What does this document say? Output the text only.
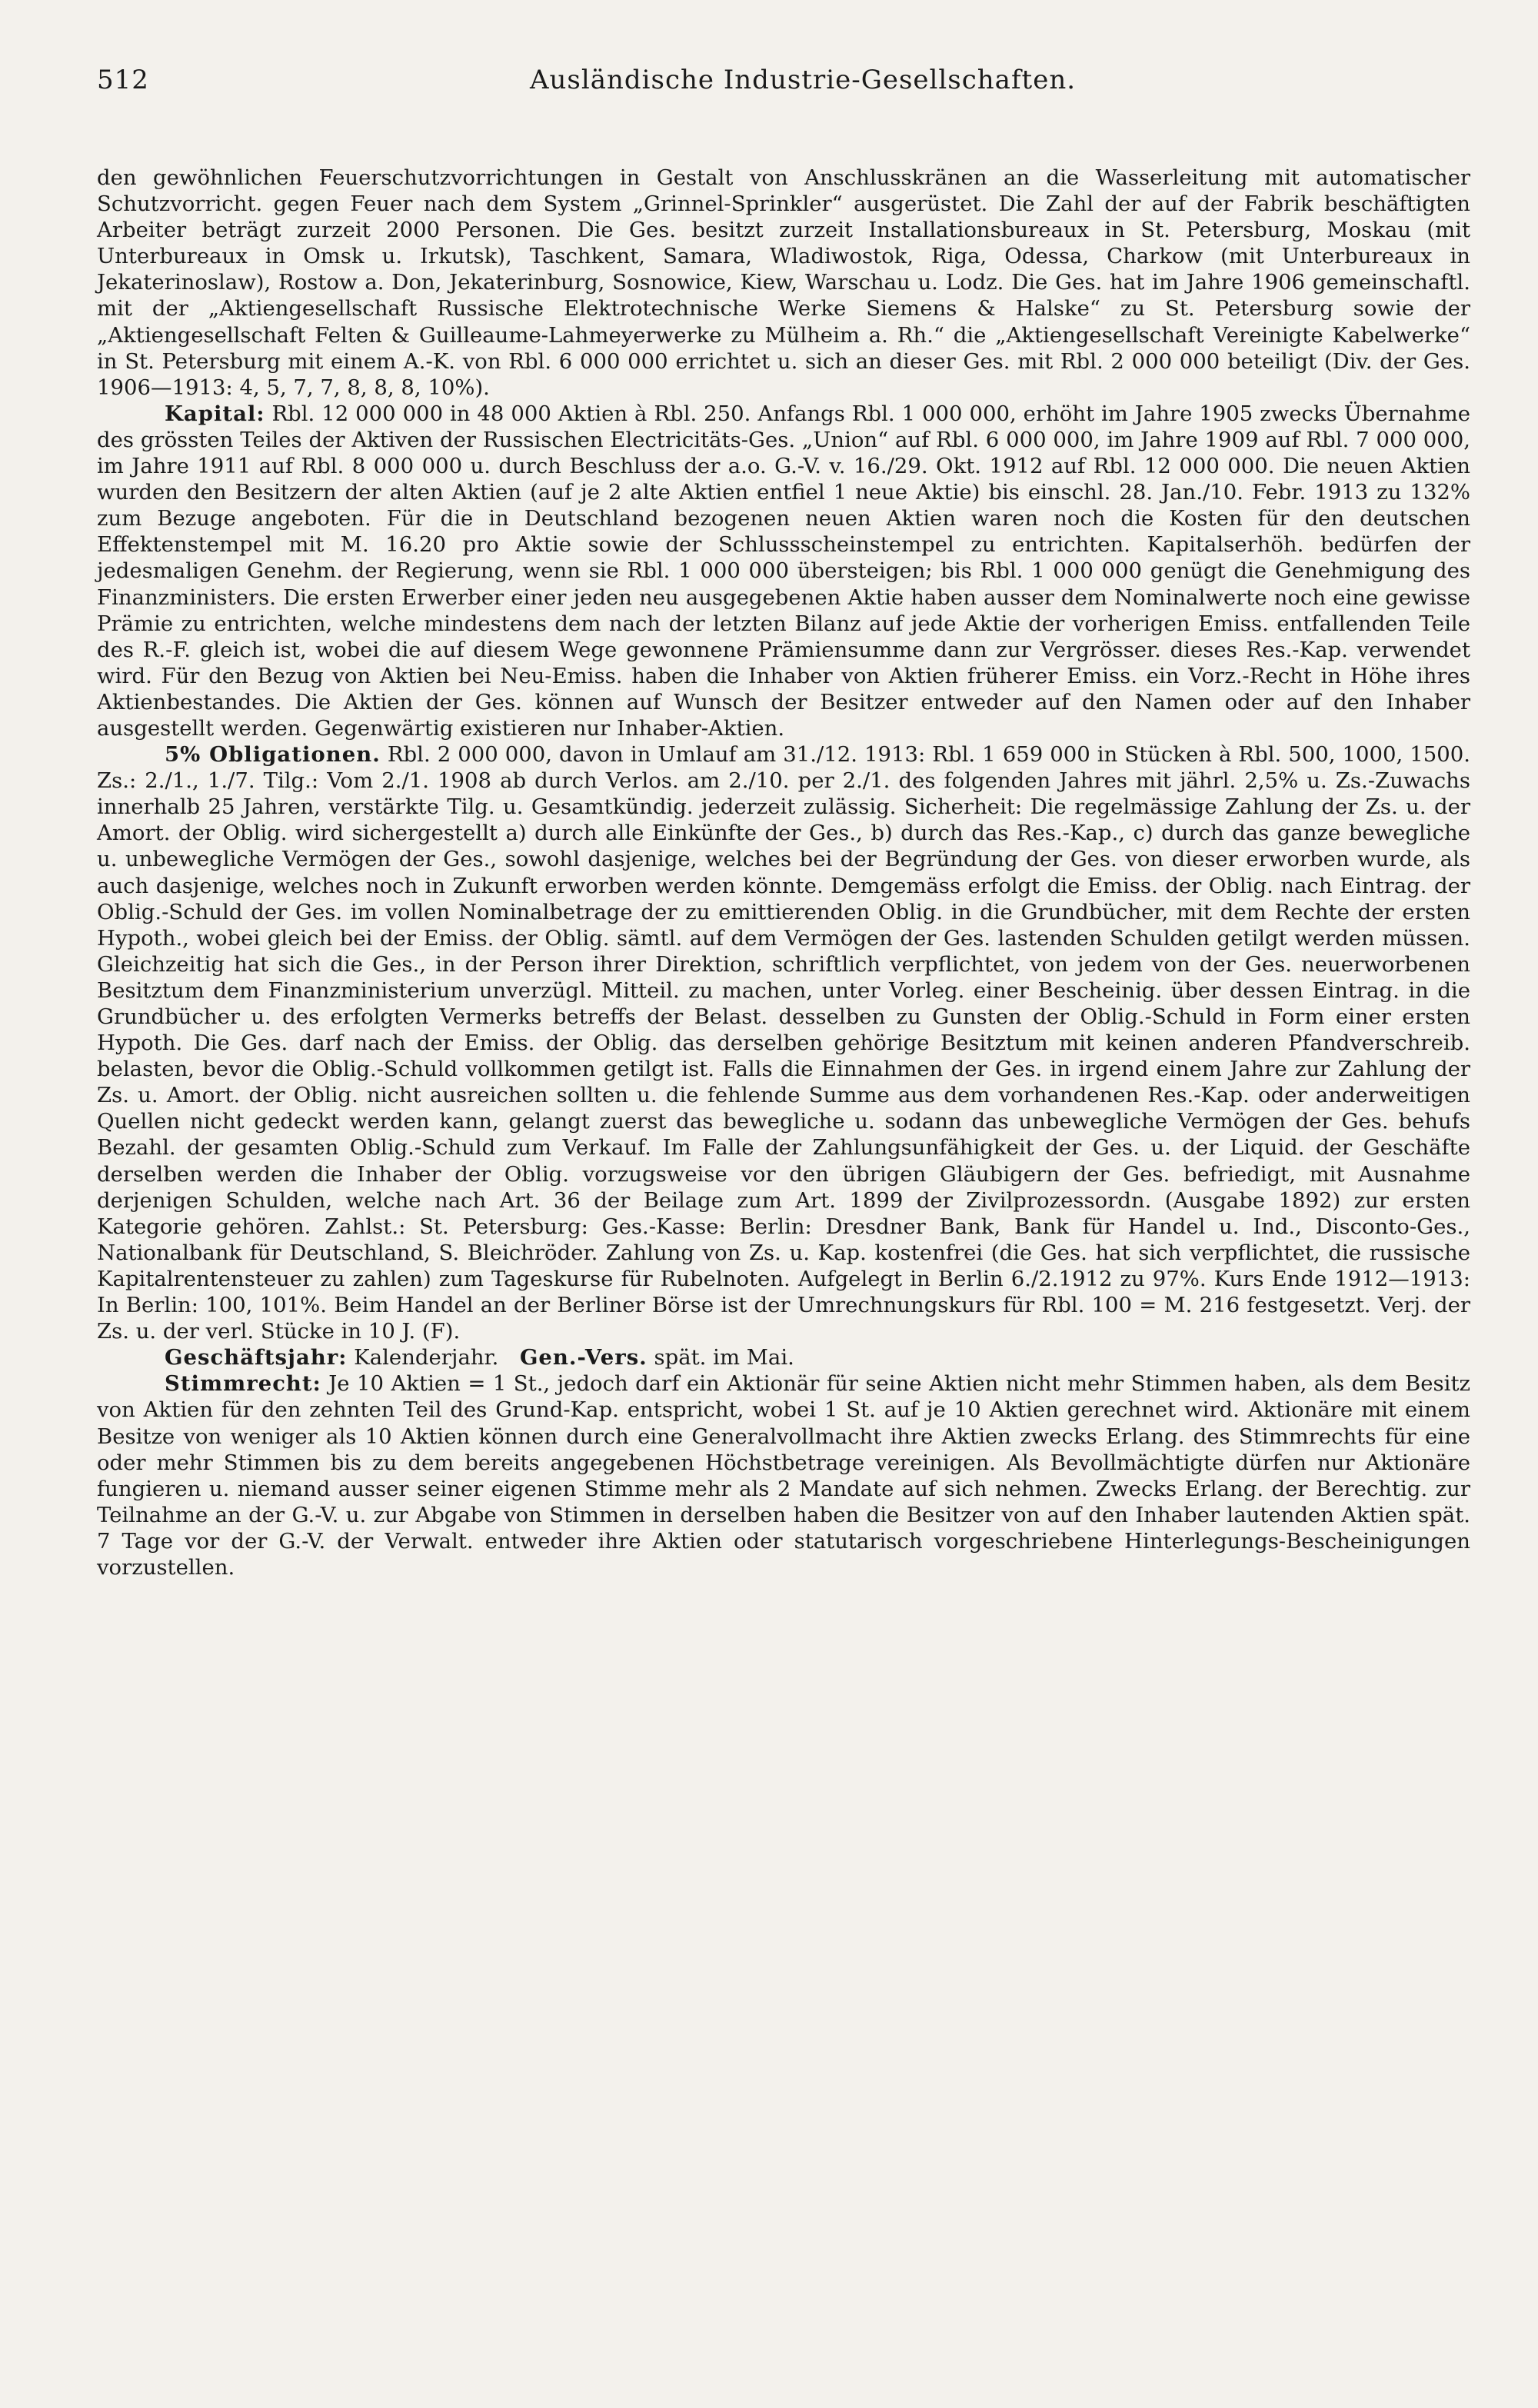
512	Ausländische Industrie-Gesellschaften.

den gewöhnlichen Feuerschutzvorrichtungen in Gestalt von Anschlusskränen an die Wasserleitung mit automatischer Schutzvorricht. gegen Feuer nach dem System „Grinnel-Sprinkler“ ausgerüstet. Die Zahl der auf der Fabrik beschäftigten Arbeiter beträgt zurzeit 2000 Personen. Die Ges. besitzt zurzeit Installationsbureaux in St. Petersburg, Moskau (mit Unterbureaux in Omsk u. Irkutsk), Taschkent, Samara, Wladiwostok, Riga, Odessa, Charkow (mit Unterbureaux in Jekaterinoslaw), Rostow a. Don, Jekaterinburg, Sosnowice, Kiew, Warschau u. Lodz. Die Ges. hat im Jahre 1906 gemeinschaftl. mit der „Aktiengesellschaft Russische Elektrotechnische Werke Siemens & Halske“ zu St. Petersburg sowie der „Aktiengesellschaft Felten & Guilleaume-Lahmeyerwerke zu Mülheim a. Rh.“ die „Aktiengesellschaft Vereinigte Kabelwerke“ in St. Petersburg mit einem A.-K. von Rbl. 6 000 000 errichtet u. sich an dieser Ges. mit Rbl. 2 000 000 beteiligt (Div. der Ges. 1906—1913: 4, 5, 7, 7, 8, 8, 8, 10%).

Kapital: Rbl. 12 000 000 in 48 000 Aktien à Rbl. 250. Anfangs Rbl. 1 000 000, erhöht im Jahre 1905 zwecks Übernahme des grössten Teiles der Aktiven der Russischen Electricitäts-Ges. „Union“ auf Rbl. 6 000 000, im Jahre 1909 auf Rbl. 7 000 000, im Jahre 1911 auf Rbl. 8 000 000 u. durch Beschluss der a.o. G.-V. v. 16./29. Okt. 1912 auf Rbl. 12 000 000. Die neuen Aktien wurden den Besitzern der alten Aktien (auf je 2 alte Aktien entfiel 1 neue Aktie) bis einschl. 28. Jan./10. Febr. 1913 zu 132% zum Bezuge angeboten. Für die in Deutschland bezogenen neuen Aktien waren noch die Kosten für den deutschen Effektenstempel mit M. 16.20 pro Aktie sowie der Schlussscheinstempel zu entrichten. Kapitalserhöh. bedürfen der jedesmaligen Genehm. der Regierung, wenn sie Rbl. 1 000 000 übersteigen; bis Rbl. 1 000 000 genügt die Genehmigung des Finanzministers. Die ersten Erwerber einer jeden neu ausgegebenen Aktie haben ausser dem Nominalwerte noch eine gewisse Prämie zu entrichten, welche mindestens dem nach der letzten Bilanz auf jede Aktie der vorherigen Emiss. entfallenden Teile des R.-F. gleich ist, wobei die auf diesem Wege gewonnene Prämiensumme dann zur Vergrösser. dieses Res.-Kap. verwendet wird. Für den Bezug von Aktien bei Neu-Emiss. haben die Inhaber von Aktien früherer Emiss. ein Vorz.-Recht in Höhe ihres Aktienbestandes. Die Aktien der Ges. können auf Wunsch der Besitzer entweder auf den Namen oder auf den Inhaber ausgestellt werden. Gegenwärtig existieren nur Inhaber-Aktien.

5% Obligationen. Rbl. 2 000 000, davon in Umlauf am 31./12. 1913: Rbl. 1 659 000 in Stücken à Rbl. 500, 1000, 1500. Zs.: 2./1., 1./7. Tilg.: Vom 2./1. 1908 ab durch Verlos. am 2./10. per 2./1. des folgenden Jahres mit jährl. 2,5% u. Zs.-Zuwachs innerhalb 25 Jahren, verstärkte Tilg. u. Gesamtkündig. jederzeit zulässig. Sicherheit: Die regelmässige Zahlung der Zs. u. der Amort. der Oblig. wird sichergestellt a) durch alle Einkünfte der Ges., b) durch das Res.-Kap., c) durch das ganze bewegliche u. unbewegliche Vermögen der Ges., sowohl dasjenige, welches bei der Begründung der Ges. von dieser erworben wurde, als auch dasjenige, welches noch in Zukunft erworben werden könnte. Demgemäss erfolgt die Emiss. der Oblig. nach Eintrag. der Oblig.-Schuld der Ges. im vollen Nominalbetrage der zu emittierenden Oblig. in die Grundbücher, mit dem Rechte der ersten Hypoth., wobei gleich bei der Emiss. der Oblig. sämtl. auf dem Vermögen der Ges. lastenden Schulden getilgt werden müssen. Gleichzeitig hat sich die Ges., in der Person ihrer Direktion, schriftlich verpflichtet, von jedem von der Ges. neuerworbenen Besitztum dem Finanzministerium unverzügl. Mitteil. zu machen, unter Vorleg. einer Bescheinig. über dessen Eintrag. in die Grundbücher u. des erfolgten Vermerks betreffs der Belast. desselben zu Gunsten der Oblig.-Schuld in Form einer ersten Hypoth. Die Ges. darf nach der Emiss. der Oblig. das derselben gehörige Besitztum mit keinen anderen Pfandverschreib. belasten, bevor die Oblig.-Schuld vollkommen getilgt ist. Falls die Einnahmen der Ges. in irgend einem Jahre zur Zahlung der Zs. u. Amort. der Oblig. nicht ausreichen sollten u. die fehlende Summe aus dem vorhandenen Res.-Kap. oder anderweitigen Quellen nicht gedeckt werden kann, gelangt zuerst das bewegliche u. sodann das unbewegliche Vermögen der Ges. behufs Bezahl. der gesamten Oblig.-Schuld zum Verkauf. Im Falle der Zahlungsunfähigkeit der Ges. u. der Liquid. der Geschäfte derselben werden die Inhaber der Oblig. vorzugsweise vor den übrigen Gläubigern der Ges. befriedigt, mit Ausnahme derjenigen Schulden, welche nach Art. 36 der Beilage zum Art. 1899 der Zivilprozessordn. (Ausgabe 1892) zur ersten Kategorie gehören. Zahlst.: St. Petersburg: Ges.-Kasse: Berlin: Dresdner Bank, Bank für Handel u. Ind., Disconto-Ges., Nationalbank für Deutschland, S. Bleichröder. Zahlung von Zs. u. Kap. kostenfrei (die Ges. hat sich verpflichtet, die russische Kapitalrentensteuer zu zahlen) zum Tageskurse für Rubelnoten. Aufgelegt in Berlin 6./2.1912 zu 97%. Kurs Ende 1912—1913: In Berlin: 100, 101%. Beim Handel an der Berliner Börse ist der Umrechnungskurs für Rbl. 100 = M. 216 festgesetzt. Verj. der Zs. u. der verl. Stücke in 10 J. (F).

Geschäftsjahr: Kalenderjahr.  Gen.-Vers. spät. im Mai.

Stimmrecht: Je 10 Aktien = 1 St., jedoch darf ein Aktionär für seine Aktien nicht mehr Stimmen haben, als dem Besitz von Aktien für den zehnten Teil des Grund-Kap. entspricht, wobei 1 St. auf je 10 Aktien gerechnet wird. Aktionäre mit einem Besitze von weniger als 10 Aktien können durch eine Generalvollmacht ihre Aktien zwecks Erlang. des Stimmrechts für eine oder mehr Stimmen bis zu dem bereits angegebenen Höchstbetrage vereinigen. Als Bevollmächtigte dürfen nur Aktionäre fungieren u. niemand ausser seiner eigenen Stimme mehr als 2 Mandate auf sich nehmen. Zwecks Erlang. der Berechtig. zur Teilnahme an der G.-V. u. zur Abgabe von Stimmen in derselben haben die Besitzer von auf den Inhaber lautenden Aktien spät. 7 Tage vor der G.-V. der Verwalt. entweder ihre Aktien oder statutarisch vorgeschriebene Hinterlegungs-Bescheinigungen vorzustellen.
